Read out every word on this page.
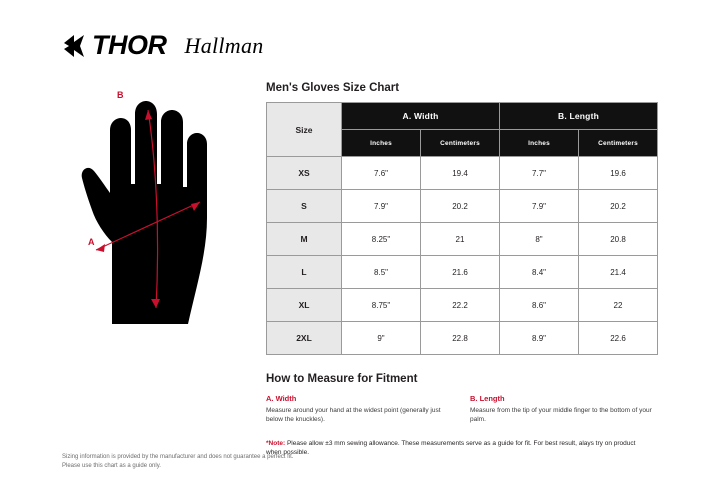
THOR Hallman
A
B
Men's Gloves Size Chart
Size	A. Width		B. Length	
	Inches	Centimeters	Inches	Centimeters
XS	7.6"	19.4	7.7"	19.6
S	7.9"	20.2	7.9"	20.2
M	8.25"	21	8"	20.8
L	8.5"	21.6	8.4"	21.4
XL	8.75"	22.2	8.6"	22
2XL	9"	22.8	8.9"	22.6
How to Measure for Fitment
A. Width
Measure around your hand at the widest point (generally just below the knuckles).
B. Length
Measure from the tip of your middle finger to the bottom of your palm.
*Note: Please allow ±3 mm sewing allowance. These measurements serve as a guide for fit. For best result, alays try on product when possible.
Sizing information is provided by the manufacturer and does not guarantee a perfect fit.
Please use this chart as a guide only.
